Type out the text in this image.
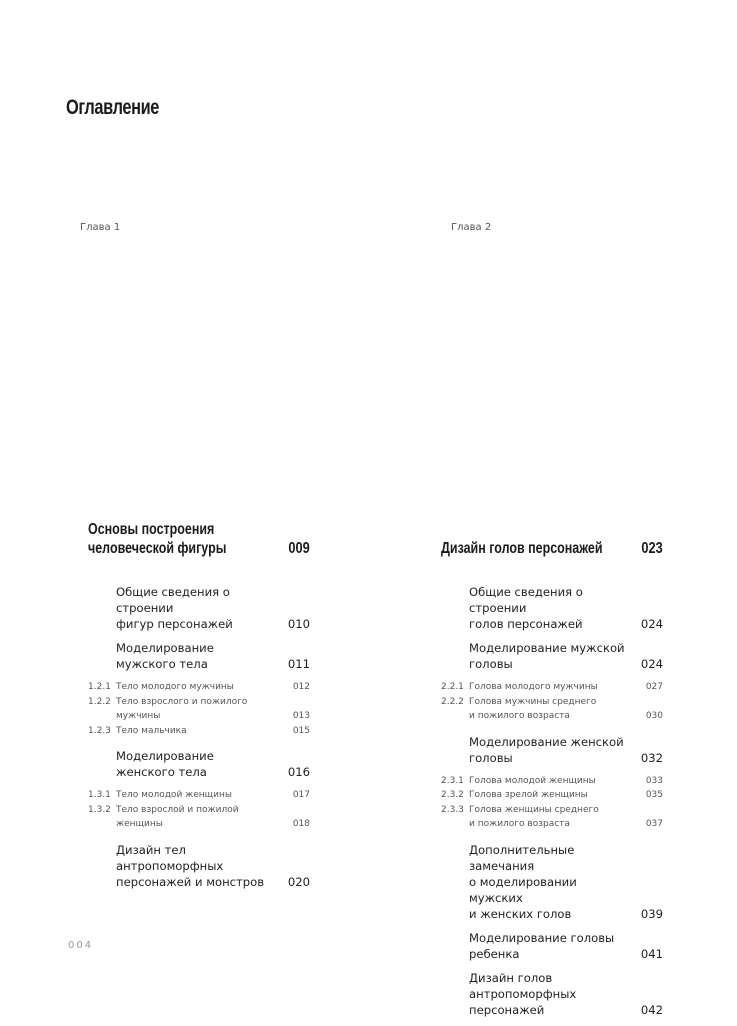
Оглавление
Глава 1	Глава 2
Основы построения
человеческой фигуры	009
Общие сведения о строении
фигур персонажей	010
Моделирование
мужского тела	011
1.2.1 Тело молодого мужчины	012
1.2.2 Тело взрослого и пожилого
мужчины	013
1.2.3 Тело мальчика	015
Моделирование
женского тела	016
1.3.1 Тело молодой женщины	017
1.3.2 Тело взрослой и пожилой женщины	018
Дизайн тел антропоморфных
персонажей и монстров	020
Дизайн голов персонажей 023
Общие сведения о строении
голов персонажей	024
Моделирование мужской
головы	024
2.2.1 Голова молодого мужчины	027
2.2.2 Голова мужчины среднего
и пожилого возраста	030
Моделирование женской
головы	032
2.3.1 Голова молодой женщины	033
2.3.2 Голова зрелой женщины	035
2.3.3 Голова женщины среднего
и пожилого возраста	037
Дополнительные замечания
о моделировании мужских
и женских голов	039
Моделирование головы
ребенка	041
Дизайн голов антропоморфных
персонажей	042
004
